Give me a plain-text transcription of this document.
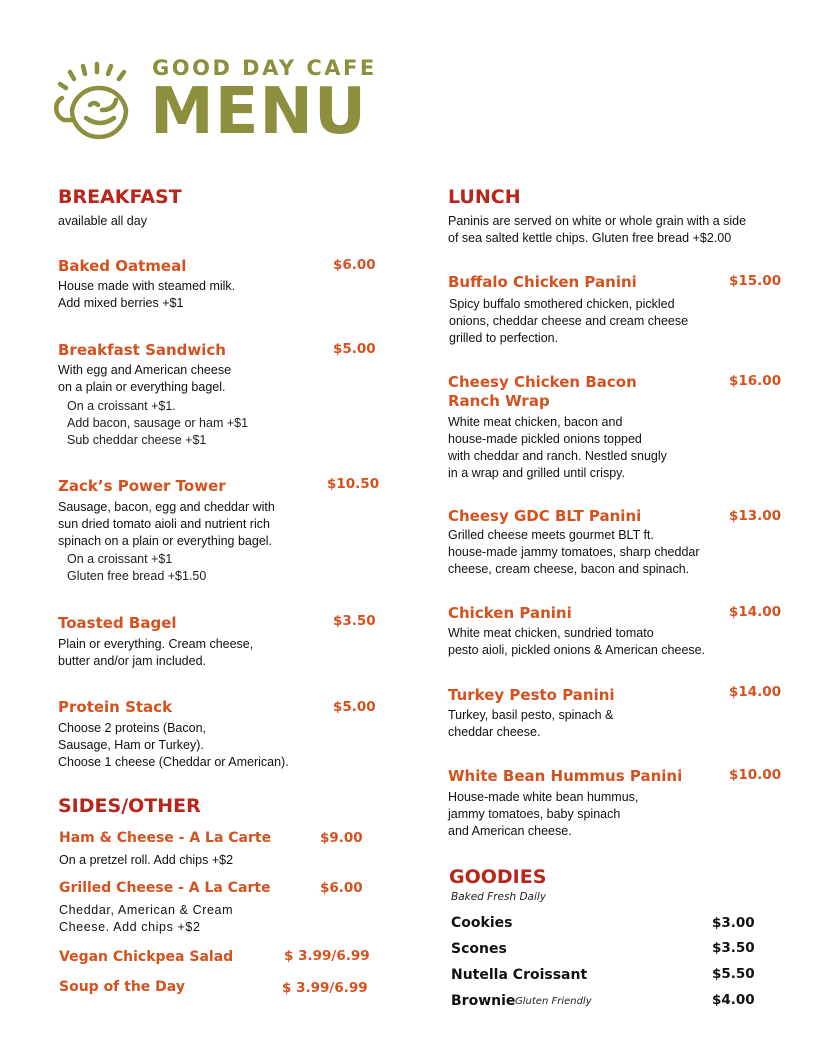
GOOD DAY CAFE
MENU
BREAKFAST
available all day
Baked Oatmeal	$6.00
House made with steamed milk.
Add mixed berries +$1
Breakfast Sandwich	$5.00
With egg and American cheese
on a plain or everything bagel.
On a croissant +$1.
Add bacon, sausage or ham +$1
Sub cheddar cheese +$1
Zack’s Power Tower	$10.50
Sausage, bacon, egg and cheddar with
sun dried tomato aioli and nutrient rich
spinach on a plain or everything bagel.
On a croissant +$1
Gluten free bread +$1.50
Toasted Bagel	$3.50
Plain or everything. Cream cheese,
butter and/or jam included.
Protein Stack	$5.00
Choose 2 proteins (Bacon,
Sausage, Ham or Turkey).
Choose 1 cheese (Cheddar or American).
SIDES/OTHER
Ham & Cheese - A La Carte	$9.00
On a pretzel roll. Add chips +$2
Grilled Cheese - A La Carte	$6.00
Cheddar, American & Cream
Cheese. Add chips +$2
Vegan Chickpea Salad	$ 3.99/6.99
Soup of the Day	$ 3.99/6.99
LUNCH
Paninis are served on white or whole grain with a side
of sea salted kettle chips. Gluten free bread +$2.00
Buffalo Chicken Panini	$15.00
Spicy buffalo smothered chicken, pickled
onions, cheddar cheese and cream cheese
grilled to perfection.
Cheesy Chicken Bacon
Ranch Wrap
$16.00
White meat chicken, bacon and
house-made pickled onions topped
with cheddar and ranch. Nestled snugly
in a wrap and grilled until crispy.
Cheesy GDC BLT Panini	$13.00
Grilled cheese meets gourmet BLT ft.
house-made jammy tomatoes, sharp cheddar
cheese, cream cheese, bacon and spinach.
Chicken Panini	$14.00
White meat chicken, sundried tomato
pesto aioli, pickled onions & American cheese.
Turkey Pesto Panini	$14.00
Turkey, basil pesto, spinach &
cheddar cheese.
White Bean Hummus Panini	$10.00
House-made white bean hummus,
jammy tomatoes, baby spinach
and American cheese.
GOODIES
Baked Fresh Daily
Cookies	$3.00
Scones	$3.50
Nutella Croissant	$5.50
Brownie Gluten Friendly	$4.00
